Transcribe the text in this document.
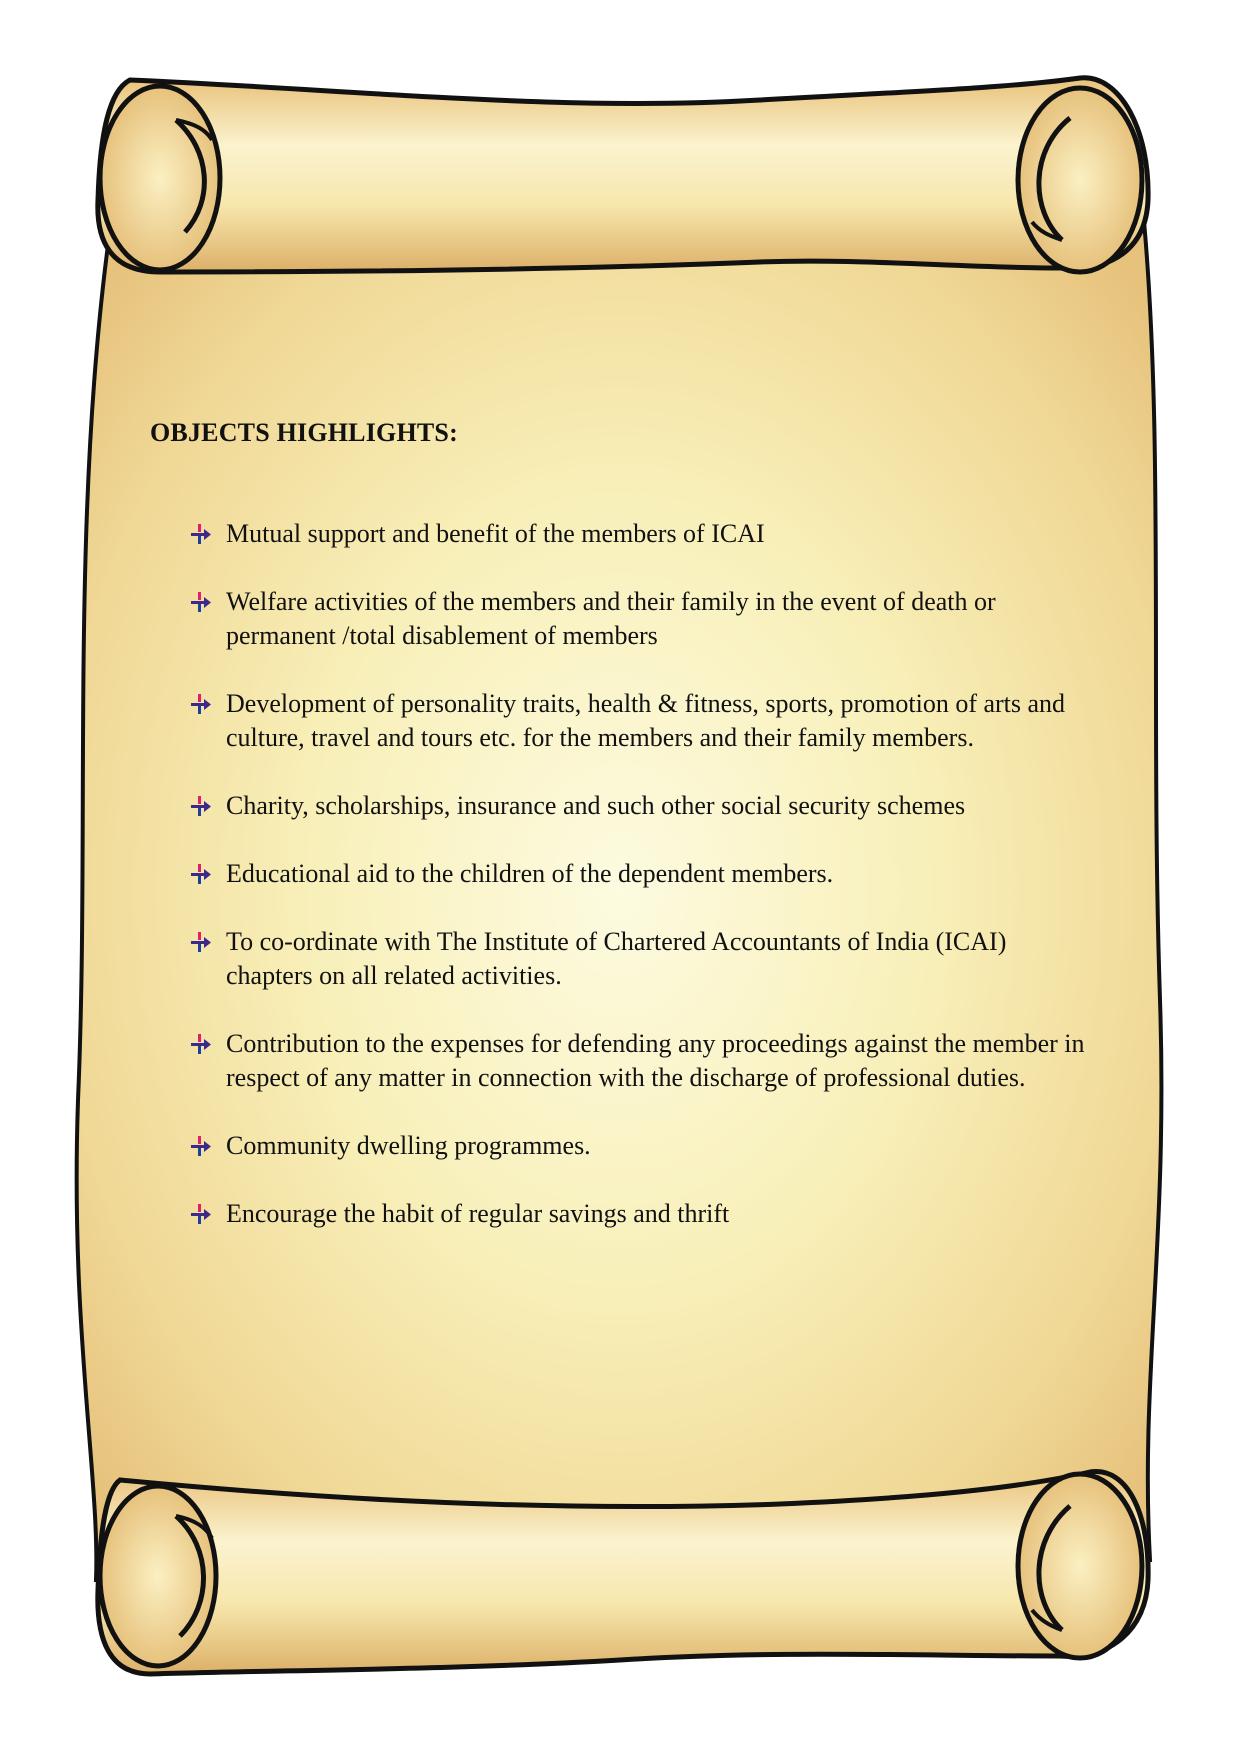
OBJECTS HIGHLIGHTS:
Mutual support and benefit of the members of ICAI
Welfare activities of the members and their family in the event of death or permanent /total disablement of members
Development of personality traits, health & fitness, sports, promotion of arts and culture, travel and tours etc. for the members and their family members.
Charity, scholarships, insurance and such other social security schemes
Educational aid to the children of the dependent members.
To co-ordinate with The Institute of Chartered Accountants of India (ICAI) chapters on all related activities.
Contribution to the expenses for defending any proceedings against the member in respect of any matter in connection with the discharge of professional duties.
Community dwelling programmes.
Encourage the habit of regular savings and thrift
